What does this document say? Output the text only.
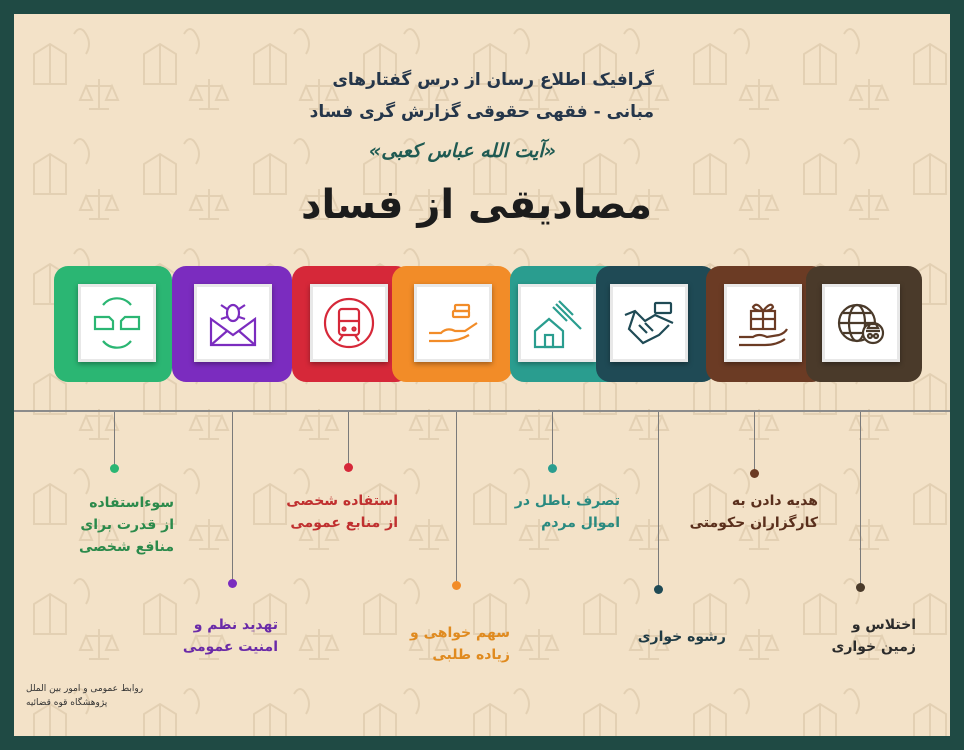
گرافیک اطلاع رسان از درس گفتارهای
مبانی - فقهی حقوقی گزارش گری فساد
«آیت الله عباس کعبی»
مصادیقی از فساد
سوءاستفاده
از قدرت برای
منافع شخصی
تهدید نظم و
امنیت عمومی
استفاده شخصی
از منابع عمومی
سهم خواهی و
زیاده طلبی
تصرف باطل در
اموال مردم
رشوه خواری
هدیه دادن به
کارگزاران حکومتی
اختلاس و
زمین خواری
روابط عمومی و امور بین الملل
پژوهشگاه قوه قضائیه
